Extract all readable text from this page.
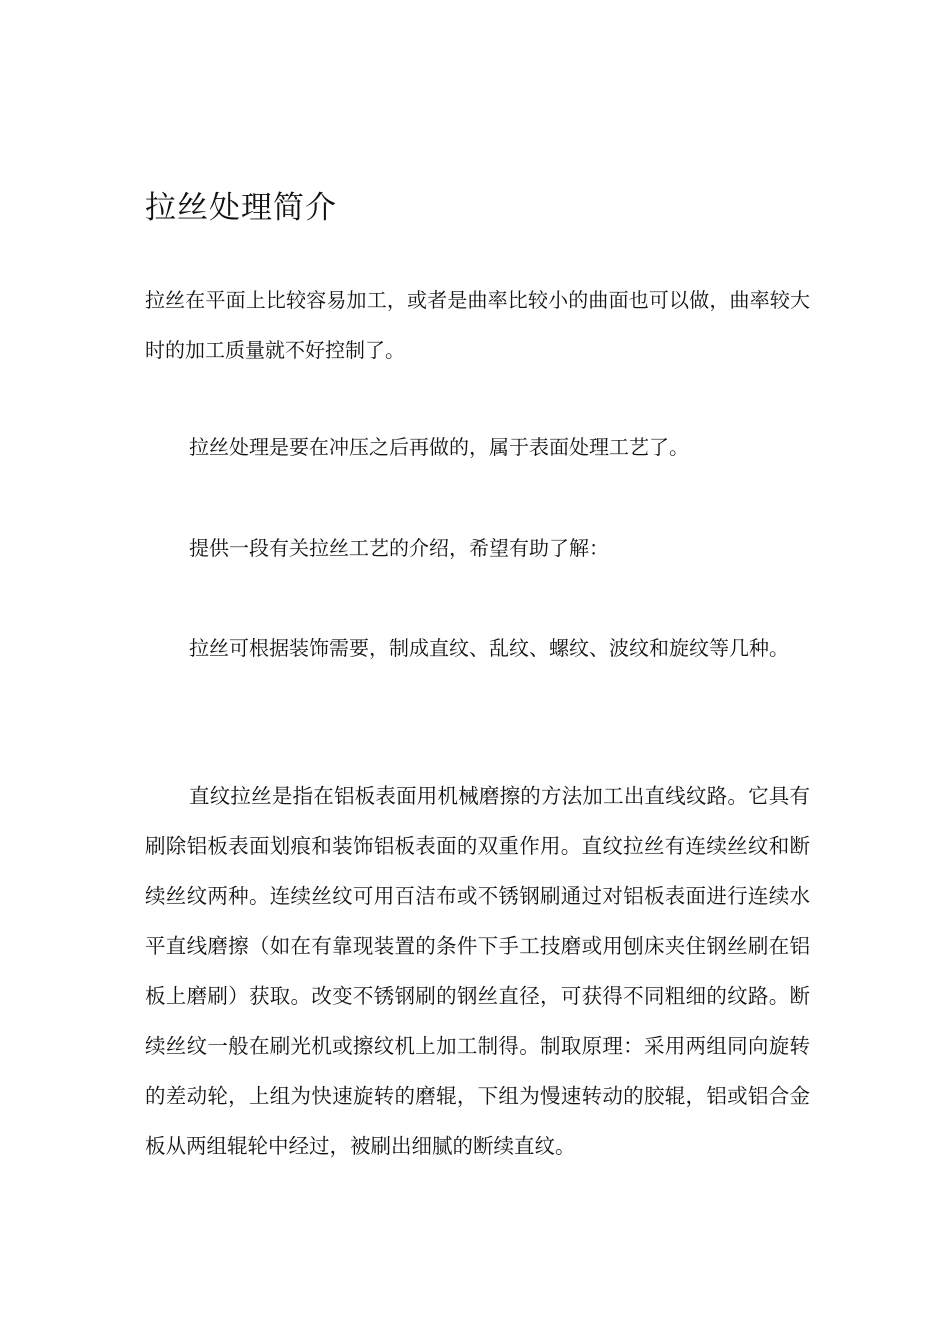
拉丝处理简介

拉丝在平面上比较容易加工，或者是曲率比较小的曲面也可以做，曲率较大时的加工质量就不好控制了。

拉丝处理是要在冲压之后再做的，属于表面处理工艺了。

提供一段有关拉丝工艺的介绍，希望有助了解：

拉丝可根据装饰需要，制成直纹、乱纹、螺纹、波纹和旋纹等几种。

直纹拉丝是指在铝板表面用机械磨擦的方法加工出直线纹路。它具有刷除铝板表面划痕和装饰铝板表面的双重作用。直纹拉丝有连续丝纹和断续丝纹两种。连续丝纹可用百洁布或不锈钢刷通过对铝板表面进行连续水平直线磨擦（如在有靠现装置的条件下手工技磨或用刨床夹住钢丝刷在铝板上磨刷）获取。改变不锈钢刷的钢丝直径，可获得不同粗细的纹路。断续丝纹一般在刷光机或擦纹机上加工制得。制取原理：采用两组同向旋转的差动轮，上组为快速旋转的磨辊，下组为慢速转动的胶辊，铝或铝合金板从两组辊轮中经过，被刷出细腻的断续直纹。
